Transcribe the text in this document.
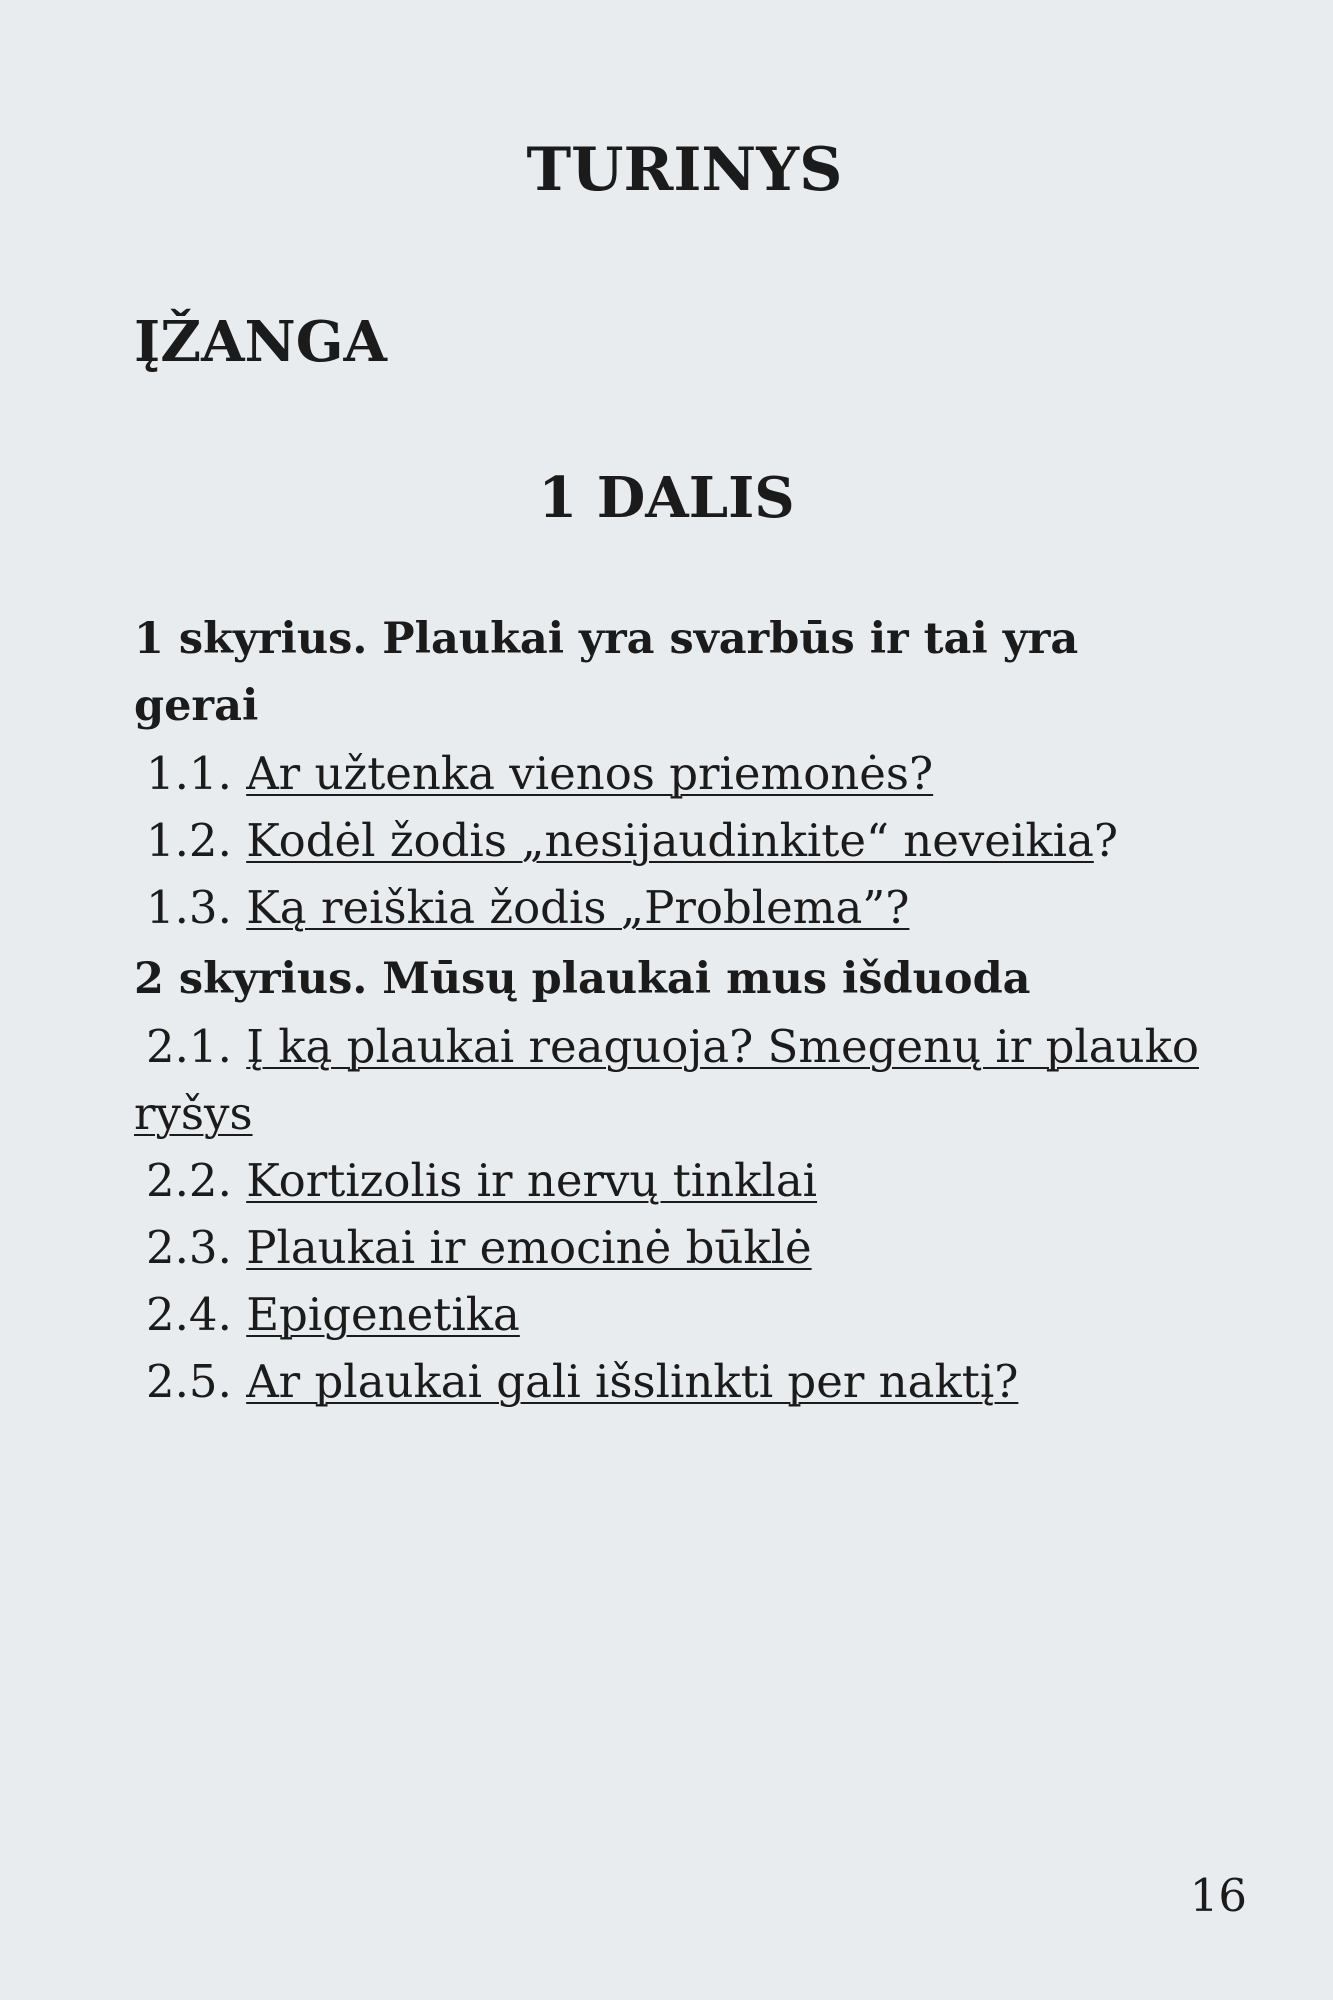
TURINYS
ĮŽANGA
1 DALIS
1 skyrius. Plaukai yra svarbūs ir tai yra gerai
1.1. Ar užtenka vienos priemonės?
1.2. Kodėl žodis „nesijaudinkite“ neveikia?
1.3. Ką reiškia žodis „Problema”?
2 skyrius. Mūsų plaukai mus išduoda
2.1. Į ką plaukai reaguoja? Smegenų ir plauko ryšys
2.2. Kortizolis ir nervų tinklai
2.3. Plaukai ir emocinė būklė
2.4. Epigenetika
2.5. Ar plaukai gali išslinkti per naktį?

16
